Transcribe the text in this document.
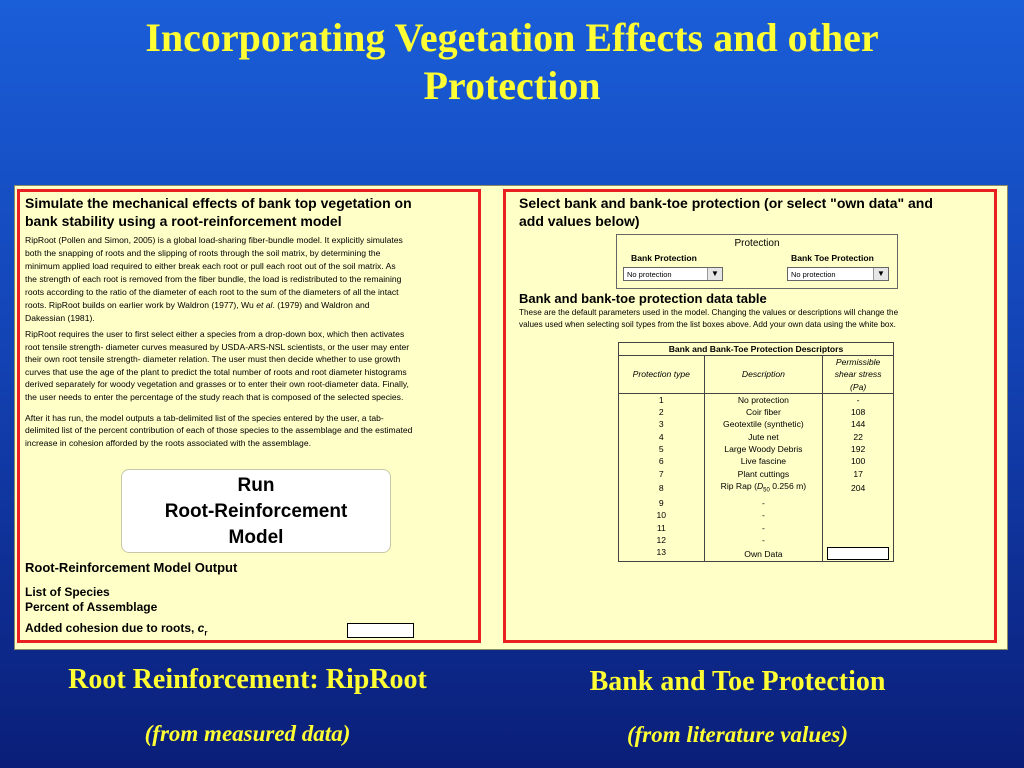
Incorporating Vegetation Effects and other
Protection
Simulate the mechanical effects of bank top vegetation on
bank stability using a root-reinforcement model
RipRoot (Pollen and Simon, 2005) is a global load-sharing fiber-bundle model. It explicitly simulates
both the snapping of roots and the slipping of roots through the soil matrix, by determining the
minimum applied load required to either break each root or pull each root out of the soil matrix. As
the strength of each root is removed from the fiber bundle, the load is redistributed to the remaining
roots according to the ratio of the diameter of each root to the sum of the diameters of all the intact
roots. RipRoot builds on earlier work by Waldron (1977), Wu et al. (1979) and Waldron and
Dakessian (1981).
RipRoot requires the user to first select either a species from a drop-down box, which then activates
root tensile strength- diameter curves measured by USDA-ARS-NSL scientists, or the user may enter
their own root tensile strength- diameter relation. The user must then decide whether to use growth
curves that use the age of the plant to predict the total number of roots and root diameter histograms
derived separately for woody vegetation and grasses or to enter their own root-diameter data. Finally,
the user needs to enter the percentage of the study reach that is composed of the selected species.
After it has run, the model outputs a tab-delimited list of the species entered by the user, a tab-
delimited list of the percent contribution of each of those species to the assemblage and the estimated
increase in cohesion afforded by the roots associated with the assemblage.
Run
Root-Reinforcement
Model
Root-Reinforcement Model Output
List of Species
Percent of Assemblage
Added cohesion due to roots, $c_r$
Select bank and bank-toe protection (or select "own data" and
add values below)
Protection
Bank Protection	Bank Toe Protection
No protection	▼	No protection	▼
Bank and bank-toe protection data table
These are the default parameters used in the model. Changing the values or descriptions will change the
values used when selecting soil types from the list boxes above. Add your own data using the white box.
Bank and Bank-Toe Protection Descriptors		
Protection type	Description	Permissible
shear stress
(Pa)

1	No protection	-
2	Coir fiber	108
3	Geotextile (synthetic)	144
4	Jute net	22
5	Large Woody Debris	192
6	Live fascine	100
7	Plant cuttings	17
8	Rip Rap ($D_{50}$ 0.256 m)	204
9	-	
10	-	
11	-	
12	-	
13	Own Data	
Root Reinforcement: RipRoot
(from measured data)
Bank and Toe Protection
(from literature values)
